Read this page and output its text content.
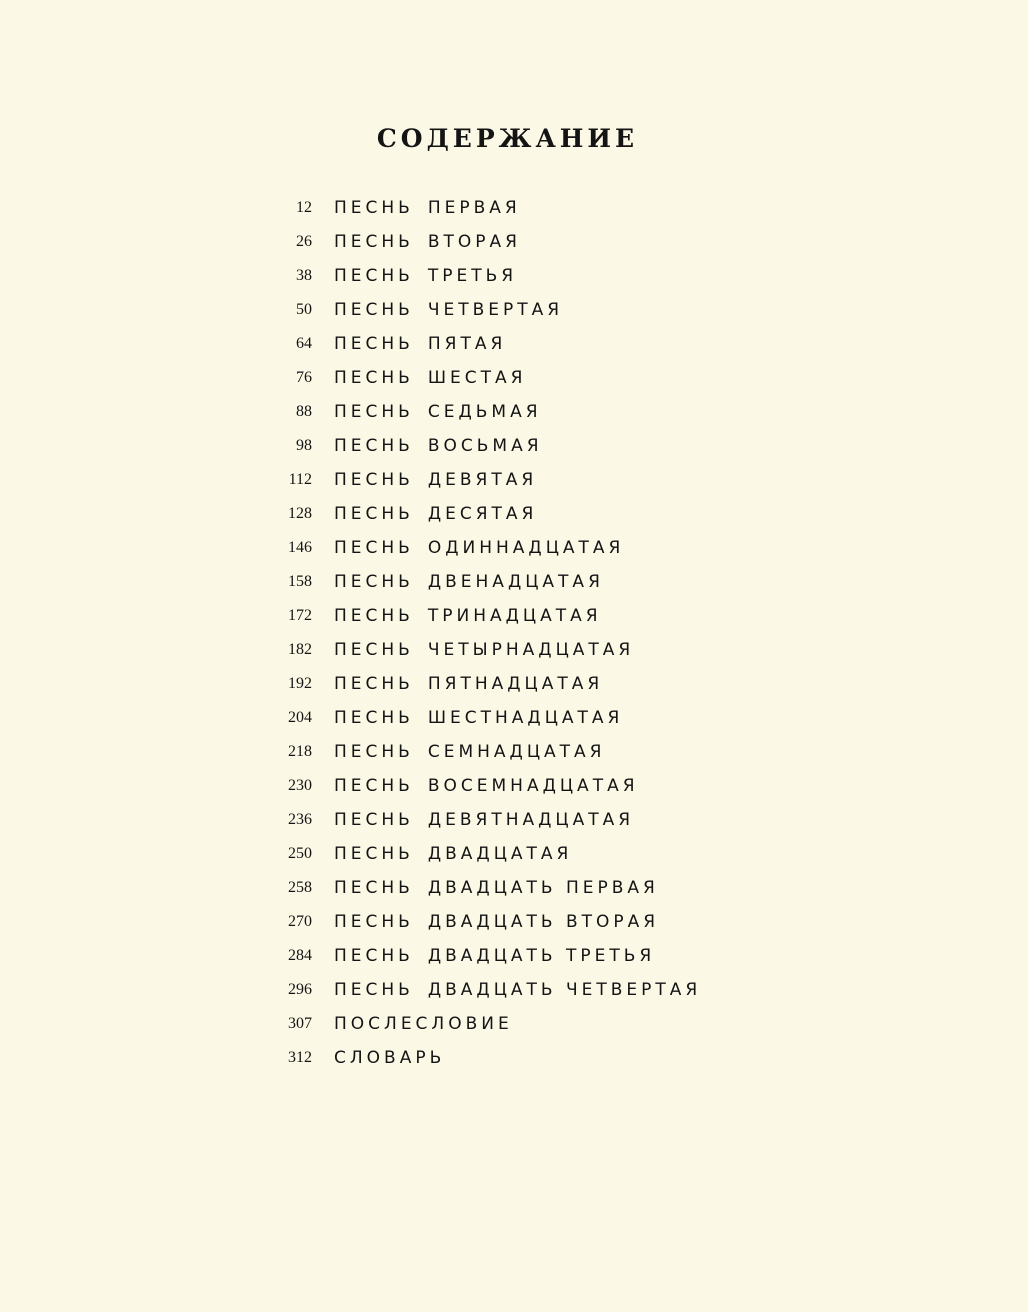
СОДЕРЖАНИЕ
12 ПЕСНЬ ПЕРВАЯ
26 ПЕСНЬ ВТОРАЯ
38 ПЕСНЬ ТРЕТЬЯ
50 ПЕСНЬ ЧЕТВЕРТАЯ
64 ПЕСНЬ ПЯТАЯ
76 ПЕСНЬ ШЕСТАЯ
88 ПЕСНЬ СЕДЬМАЯ
98 ПЕСНЬ ВОСЬМАЯ
112 ПЕСНЬ ДЕВЯТАЯ
128 ПЕСНЬ ДЕСЯТАЯ
146 ПЕСНЬ ОДИННАДЦАТАЯ
158 ПЕСНЬ ДВЕНАДЦАТАЯ
172 ПЕСНЬ ТРИНАДЦАТАЯ
182 ПЕСНЬ ЧЕТЫРНАДЦАТАЯ
192 ПЕСНЬ ПЯТНАДЦАТАЯ
204 ПЕСНЬ ШЕСТНАДЦАТАЯ
218 ПЕСНЬ СЕМНАДЦАТАЯ
230 ПЕСНЬ ВОСЕМНАДЦАТАЯ
236 ПЕСНЬ ДЕВЯТНАДЦАТАЯ
250 ПЕСНЬ ДВАДЦАТАЯ
258 ПЕСНЬ ДВАДЦАТЬ ПЕРВАЯ
270 ПЕСНЬ ДВАДЦАТЬ ВТОРАЯ
284 ПЕСНЬ ДВАДЦАТЬ ТРЕТЬЯ
296 ПЕСНЬ ДВАДЦАТЬ ЧЕТВЕРТАЯ
307 ПОСЛЕСЛОВИЕ
312 СЛОВАРЬ
